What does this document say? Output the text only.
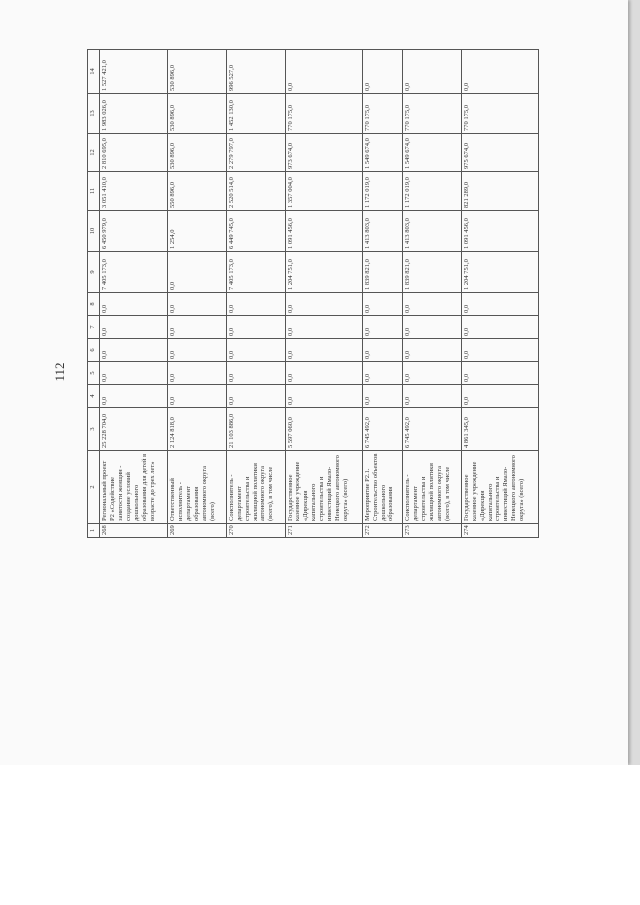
112
1	2	3	4	5	6	7	8	9	10	11	12	13	14
268	Региональный проект Р2 «Содействие занятости женщин - создание условий дошкольного образования для детей в возрасте до трех лет»	25 228 704,0	0,0	0,0	0,0	0,0	0,0	7 405 173,0	6 450 979,0	3 051 410,0	2 810 695,0	1 983 026,0	1 527 421,0
269	Ответственный исполнитель - департамент образования автономного округа (всего)	2 124 818,0	0,0	0,0	0,0	0,0	0,0	0,0	1 254,0	550 896,0	530 896,0	530 896,0	530 896,0
270	Соисполнитель - департамент строительства и жилищной политики автономного округа (всего), в том числе	21 103 886,0	0,0	0,0	0,0	0,0	0,0	7 405 173,0	6 449 745,0	2 520 514,0	2 279 797,0	1 452 130,0	996 527,0
271	Государственное казенное учреждение «Дирекция капитального строительства и инвестиций Ямало-Ненецкого автономного округа» (всего)	5 597 060,0	0,0	0,0	0,0	0,0	0,0	1 204 751,0	1 091 456,0	1 357 004,0	973 674,0	770 175,0	0,0
272	Мероприятие Р2.1. Строительство объектов дошкольного образования	6 745 492,0	0,0	0,0	0,0	0,0	0,0	1 839 821,0	1 413 803,0	1 172 019,0	1 549 674,0	770 175,0	0,0
273	Соисполнитель - департамент строительства и жилищной политики автономного округа (всего), в том числе	6 745 492,0	0,0	0,0	0,0	0,0	0,0	1 839 821,0	1 413 803,0	1 172 019,0	1 549 674,0	770 175,0	0,0
274	Государственное казенное учреждение «Дирекция капитального строительства и инвестиций Ямало-Ненецкого автономного округа» (всего)	4 861 345,0	0,0	0,0	0,0	0,0	0,0	1 204 751,0	1 091 456,0	821 289,0	975 674,0	770 175,0	0,0
